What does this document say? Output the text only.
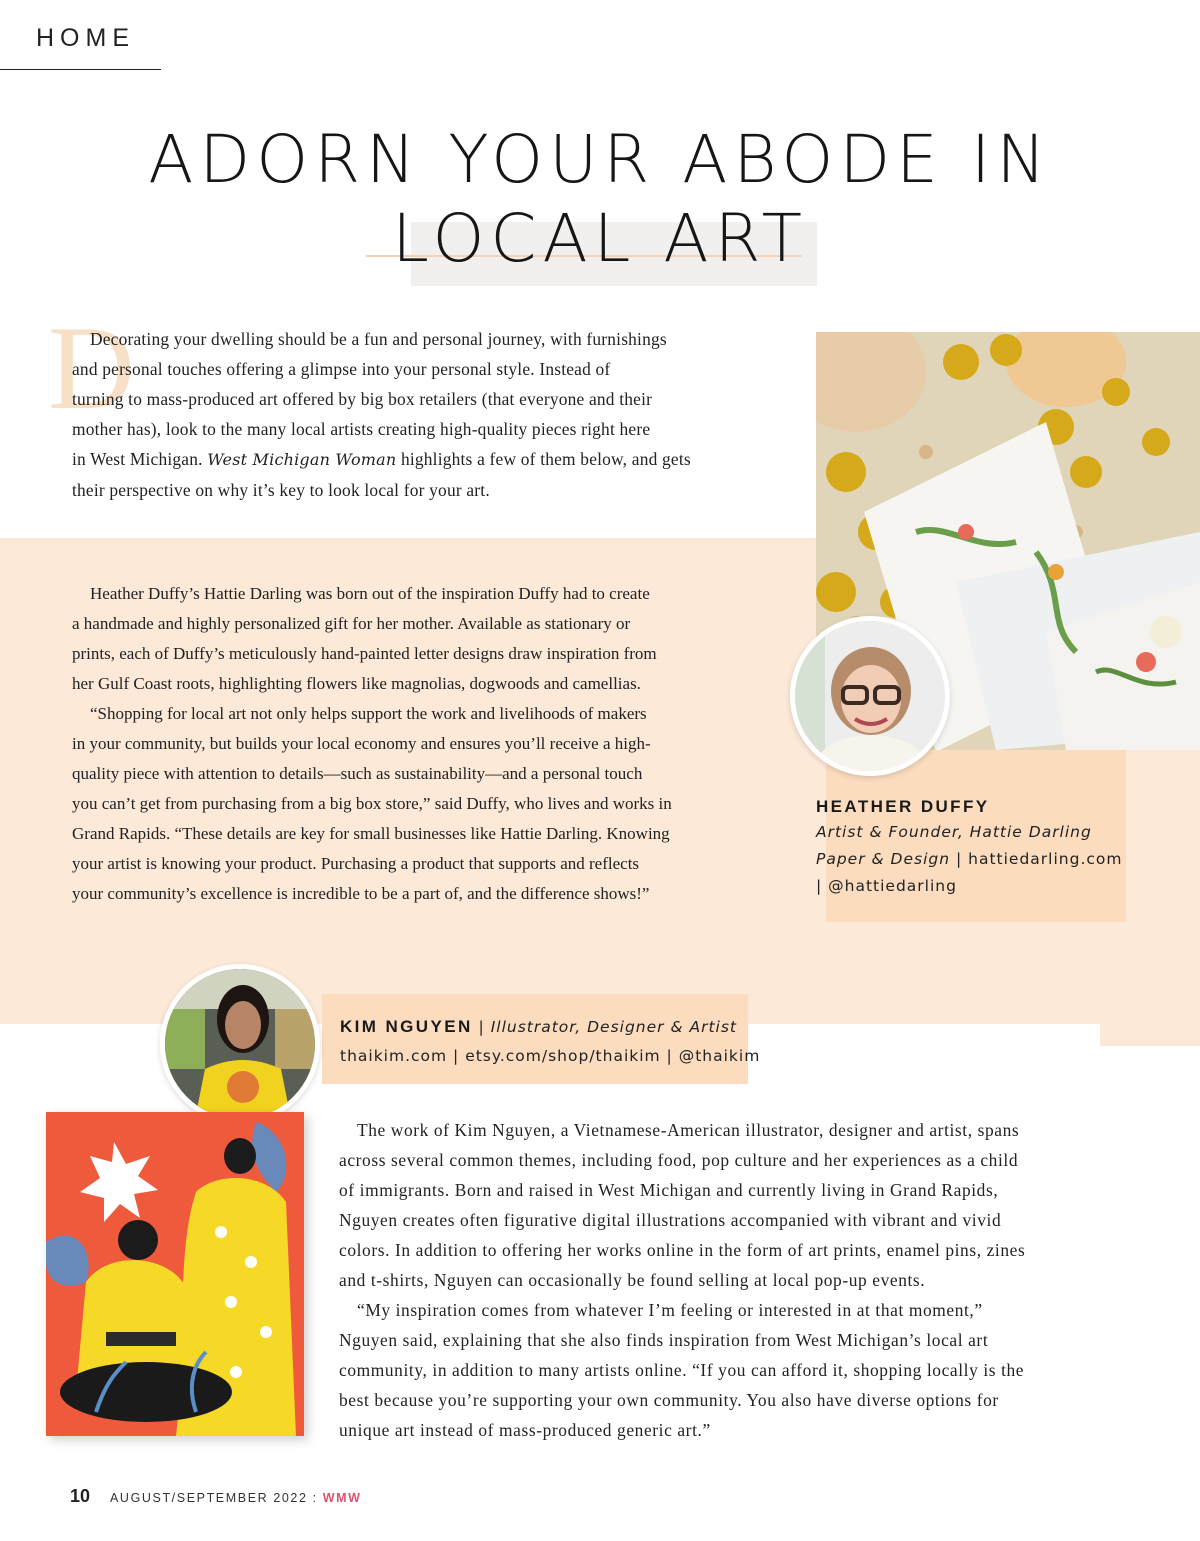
HOME
ADORN YOUR ABODE IN
LOCAL ART
D
Decorating your dwelling should be a fun and personal journey, with furnishings
and personal touches offering a glimpse into your personal style. Instead of
turning to mass-produced art offered by big box retailers (that everyone and their
mother has), look to the many local artists creating high-quality pieces right here
in West Michigan. West Michigan Woman highlights a few of them below, and gets
their perspective on why it’s key to look local for your art.
Heather Duffy’s Hattie Darling was born out of the inspiration Duffy had to create
a handmade and highly personalized gift for her mother. Available as stationary or
prints, each of Duffy’s meticulously hand-painted letter designs draw inspiration from
her Gulf Coast roots, highlighting flowers like magnolias, dogwoods and camellias.
“Shopping for local art not only helps support the work and livelihoods of makers
in your community, but builds your local economy and ensures you’ll receive a high-
quality piece with attention to details—such as sustainability—and a personal touch
you can’t get from purchasing from a big box store,” said Duffy, who lives and works in
Grand Rapids. “These details are key for small businesses like Hattie Darling. Knowing
your artist is knowing your product. Purchasing a product that supports and reflects
your community’s excellence is incredible to be a part of, and the difference shows!”
HEATHER DUFFY
Artist & Founder, Hattie Darling
Paper & Design | hattiedarling.com
| @hattiedarling
KIM NGUYEN | Illustrator, Designer & Artist
thaikim.com | etsy.com/shop/thaikim | @thaikim
The work of Kim Nguyen, a Vietnamese-American illustrator, designer and artist, spans
across several common themes, including food, pop culture and her experiences as a child
of immigrants. Born and raised in West Michigan and currently living in Grand Rapids,
Nguyen creates often figurative digital illustrations accompanied with vibrant and vivid
colors. In addition to offering her works online in the form of art prints, enamel pins, zines
and t-shirts, Nguyen can occasionally be found selling at local pop-up events.
“My inspiration comes from whatever I’m feeling or interested in at that moment,”
Nguyen said, explaining that she also finds inspiration from West Michigan’s local art
community, in addition to many artists online. “If you can afford it, shopping locally is the
best because you’re supporting your own community. You also have diverse options for
unique art instead of mass-produced generic art.”
10 AUGUST/SEPTEMBER 2022 : WMW
